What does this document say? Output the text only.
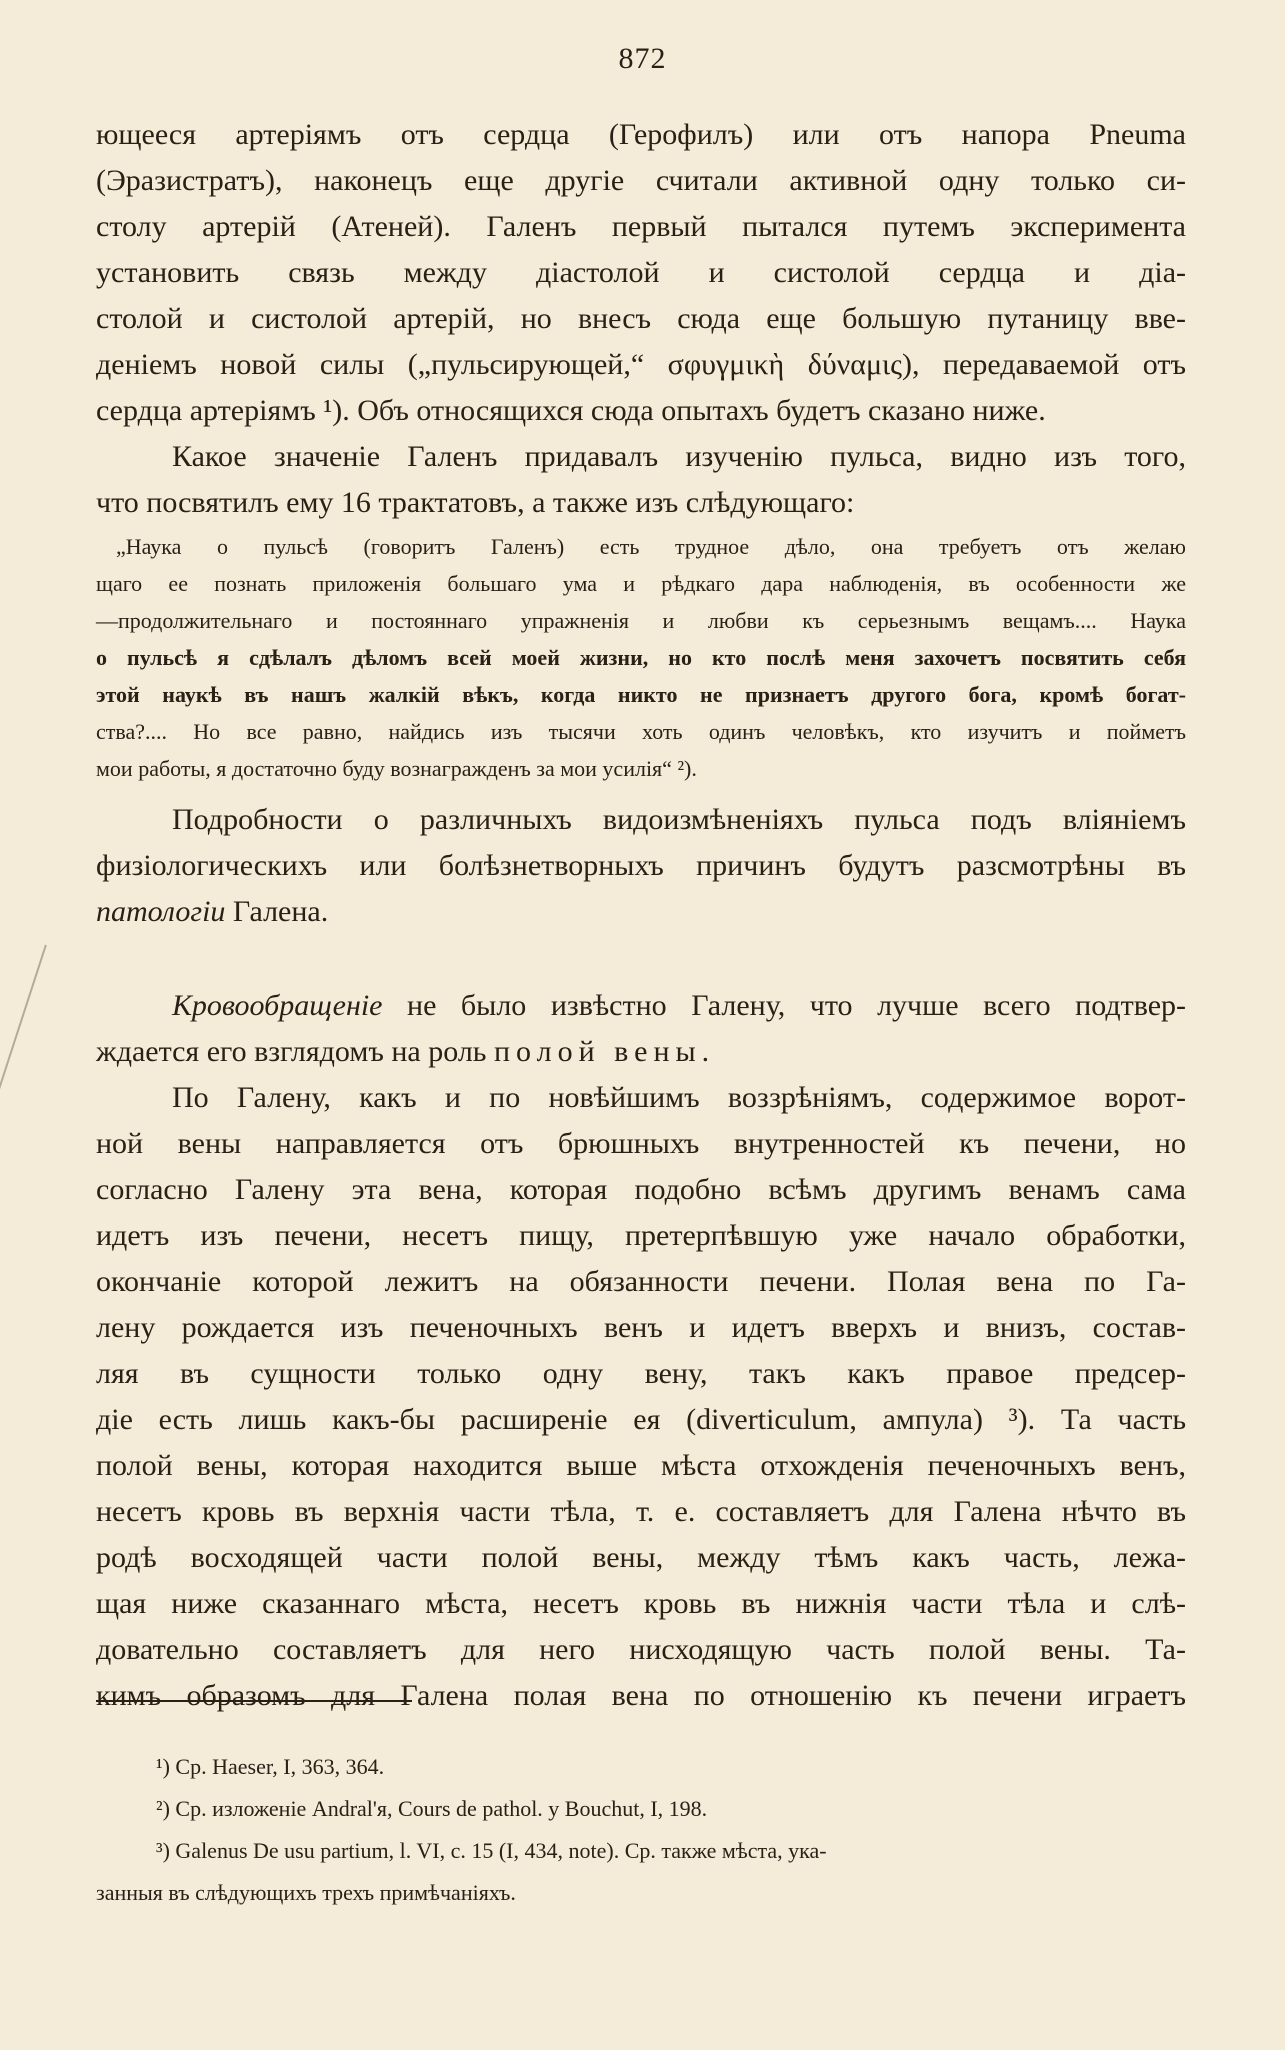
872
ющееся артеріямъ отъ сердца (Герофилъ) или отъ напора Pneuma
(Эразистратъ), наконецъ еще другіе считали активной одну только си-
столу артерій (Атеней). Галенъ первый пытался путемъ эксперимента
установить связь между діастолой и систолой сердца и діа-
столой и систолой артерій, но внесъ сюда еще большую путаницу вве-
деніемъ новой силы („пульсирующей,“ σφυγμικὴ δύναμις), передаваемой отъ
сердца артеріямъ ¹). Объ относящихся сюда опытахъ будетъ сказано ниже.
Какое значеніе Галенъ придавалъ изученію пульса, видно изъ того,
что посвятилъ ему 16 трактатовъ, а также изъ слѣдующаго:
„Наука о пульсѣ (говоритъ Галенъ) есть трудное дѣло, она требуетъ отъ желаю
щаго ее познать приложенія большаго ума и рѣдкаго дара наблюденія, въ особенности же
—продолжительнаго и постояннаго упражненія и любви къ серьезнымъ вещамъ.... Наука
о пульсѣ я сдѣлалъ дѣломъ всей моей жизни, но кто послѣ меня захочетъ посвятить себя
этой наукѣ въ нашъ жалкій вѣкъ, когда никто не признаетъ другого бога, кромѣ богат-
ства?.... Но все равно, найдись изъ тысячи хоть одинъ человѣкъ, кто изучитъ и пойметъ
мои работы, я достаточно буду вознагражденъ за мои усилія“ ²).
Подробности о различныхъ видоизмѣненіяхъ пульса подъ вліяніемъ
физіологическихъ или болѣзнетворныхъ причинъ будутъ разсмотрѣны въ
патологіи Галена.
Кровообращеніе не было извѣстно Галену, что лучше всего подтвер-
ждается его взглядомъ на роль полой вены.
По Галену, какъ и по новѣйшимъ воззрѣніямъ, содержимое ворот-
ной вены направляется отъ брюшныхъ внутренностей къ печени, но
согласно Галену эта вена, которая подобно всѣмъ другимъ венамъ сама
идетъ изъ печени, несетъ пищу, претерпѣвшую уже начало обработки,
окончаніе которой лежитъ на обязанности печени. Полая вена по Га-
лену рождается изъ печеночныхъ венъ и идетъ вверхъ и внизъ, состав-
ляя въ сущности только одну вену, такъ какъ правое предсер-
діе есть лишь какъ-бы расширеніе ея (diverticulum, ампула) ³). Та часть
полой вены, которая находится выше мѣста отхожденія печеночныхъ венъ,
несетъ кровь въ верхнія части тѣла, т. е. составляетъ для Галена нѣчто въ
родѣ восходящей части полой вены, между тѣмъ какъ часть, лежа-
щая ниже сказаннаго мѣста, несетъ кровь въ нижнія части тѣла и слѣ-
довательно составляетъ для него нисходящую часть полой вены. Та-
кимъ образомъ для Галена полая вена по отношенію къ печени играетъ
¹) Ср. Haeser, I, 363, 364.
²) Ср. изложеніе Andral'я, Cours de pathol. у Bouchut, I, 198.
³) Galenus De usu partium, l. VI, c. 15 (I, 434, note). Ср. также мѣста, ука-
занныя въ слѣдующихъ трехъ примѣчаніяхъ.
